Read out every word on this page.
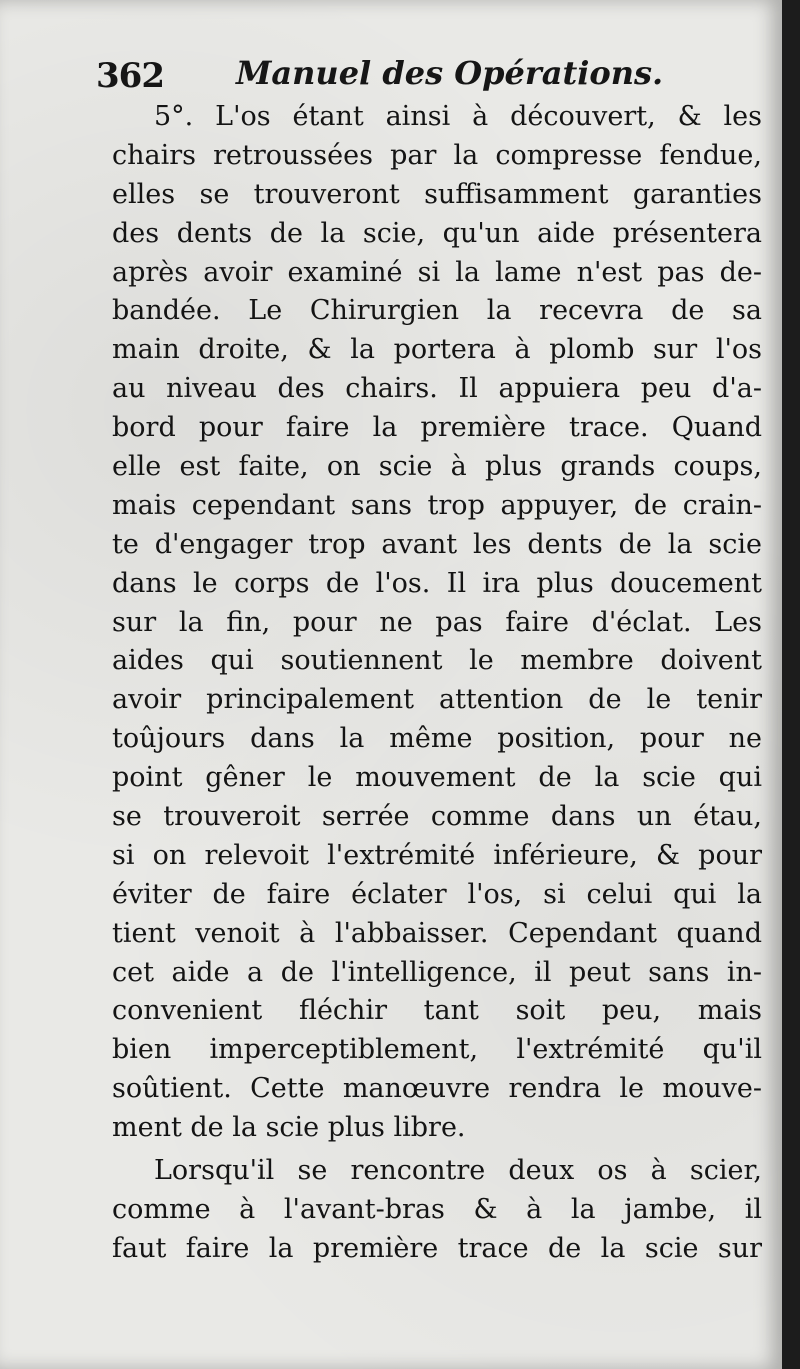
362 Manuel des Opérations.
5°. L'os étant ainsi à découvert, & les
chairs retroussées par la compresse fendue,
elles se trouveront suffisamment garanties
des dents de la scie, qu'un aide présentera
après avoir examiné si la lame n'est pas de-
bandée. Le Chirurgien la recevra de sa
main droite, & la portera à plomb sur l'os
au niveau des chairs. Il appuiera peu d'a-
bord pour faire la première trace. Quand
elle est faite, on scie à plus grands coups,
mais cependant sans trop appuyer, de crain-
te d'engager trop avant les dents de la scie
dans le corps de l'os. Il ira plus doucement
sur la fin, pour ne pas faire d'éclat. Les
aides qui soutiennent le membre doivent
avoir principalement attention de le tenir
toûjours dans la même position, pour ne
point gêner le mouvement de la scie qui
se trouveroit serrée comme dans un étau,
si on relevoit l'extrémité inférieure, & pour
éviter de faire éclater l'os, si celui qui la
tient venoit à l'abbaisser. Cependant quand
cet aide a de l'intelligence, il peut sans in-
convenient fléchir tant soit peu, mais
bien imperceptiblement, l'extrémité qu'il
soûtient. Cette manœuvre rendra le mouve-
ment de la scie plus libre.
Lorsqu'il se rencontre deux os à scier,
comme à l'avant-bras & à la jambe, il
faut faire la première trace de la scie sur
